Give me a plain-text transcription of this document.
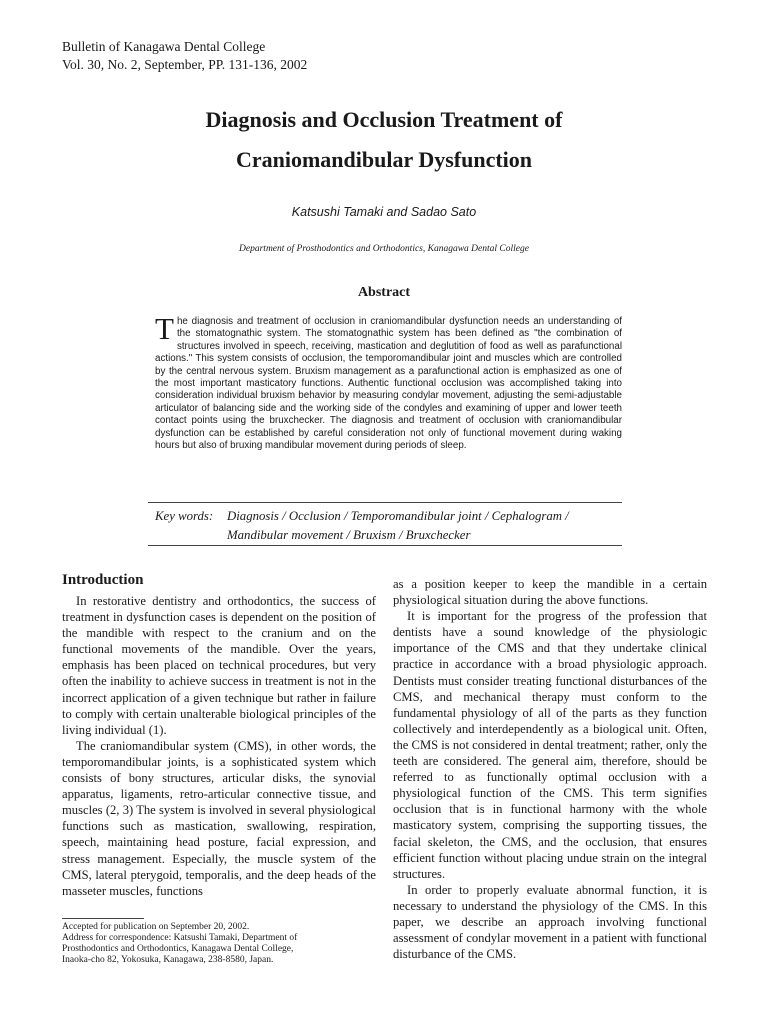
Bulletin of Kanagawa Dental College
Vol. 30, No. 2, September, PP. 131-136, 2002
Diagnosis and Occlusion Treatment of
Craniomandibular Dysfunction
Katsushi Tamaki and Sadao Sato
Department of Prosthodontics and Orthodontics, Kanagawa Dental College
Abstract
The diagnosis and treatment of occlusion in craniomandibular dysfunction needs an understanding of the stomatognathic system. The stomatognathic system has been defined as "the combination of structures involved in speech, receiving, mastication and deglutition of food as well as parafunctional actions." This system consists of occlusion, the temporomandibular joint and muscles which are controlled by the central nervous system. Bruxism management as a parafunctional action is emphasized as one of the most important masticatory functions. Authentic functional occlusion was accomplished taking into consideration individual bruxism behavior by measuring condylar movement, adjusting the semi-adjustable articulator of balancing side and the working side of the condyles and examining of upper and lower teeth contact points using the bruxchecker. The diagnosis and treatment of occlusion with craniomandibular dysfunction can be established by careful consideration not only of functional movement during waking hours but also of bruxing mandibular movement during periods of sleep.
Key words: Diagnosis / Occlusion / Temporomandibular joint / Cephalogram /
Mandibular movement / Bruxism / Bruxchecker
Introduction

In restorative dentistry and orthodontics, the success of treatment in dysfunction cases is dependent on the position of the mandible with respect to the cranium and on the functional movements of the mandible. Over the years, emphasis has been placed on technical procedures, but very often the inability to achieve success in treatment is not in the incorrect application of a given technique but rather in failure to comply with certain unalterable biological principles of the living individual (1).

The craniomandibular system (CMS), in other words, the temporomandibular joints, is a sophisticated system which consists of bony structures, articular disks, the synovial apparatus, ligaments, retro-articular connective tissue, and muscles (2, 3) The system is involved in several physiological functions such as mastication, swallowing, respiration, speech, maintaining head posture, facial expression, and stress management. Especially, the muscle system of the CMS, lateral pterygoid, temporalis, and the deep heads of the masseter muscles, functions

as a position keeper to keep the mandible in a certain physiological situation during the above functions.

It is important for the progress of the profession that dentists have a sound knowledge of the physiologic importance of the CMS and that they undertake clinical practice in accordance with a broad physiologic approach. Dentists must consider treating functional disturbances of the CMS, and mechanical therapy must conform to the fundamental physiology of all of the parts as they function collectively and interdependently as a biological unit. Often, the CMS is not considered in dental treatment; rather, only the teeth are considered. The general aim, therefore, should be referred to as functionally optimal occlusion with a physiological function of the CMS. This term signifies occlusion that is in functional harmony with the whole masticatory system, comprising the supporting tissues, the facial skeleton, the CMS, and the occlusion, that ensures efficient function without placing undue strain on the integral structures.

In order to properly evaluate abnormal function, it is necessary to understand the physiology of the CMS. In this paper, we describe an approach involving functional assessment of condylar movement in a patient with functional disturbance of the CMS.

Accepted for publication on September 20, 2002.
Address for correspondence: Katsushi Tamaki, Department of
Prosthodontics and Orthodontics, Kanagawa Dental College,
Inaoka-cho 82, Yokosuka, Kanagawa, 238-8580, Japan.
